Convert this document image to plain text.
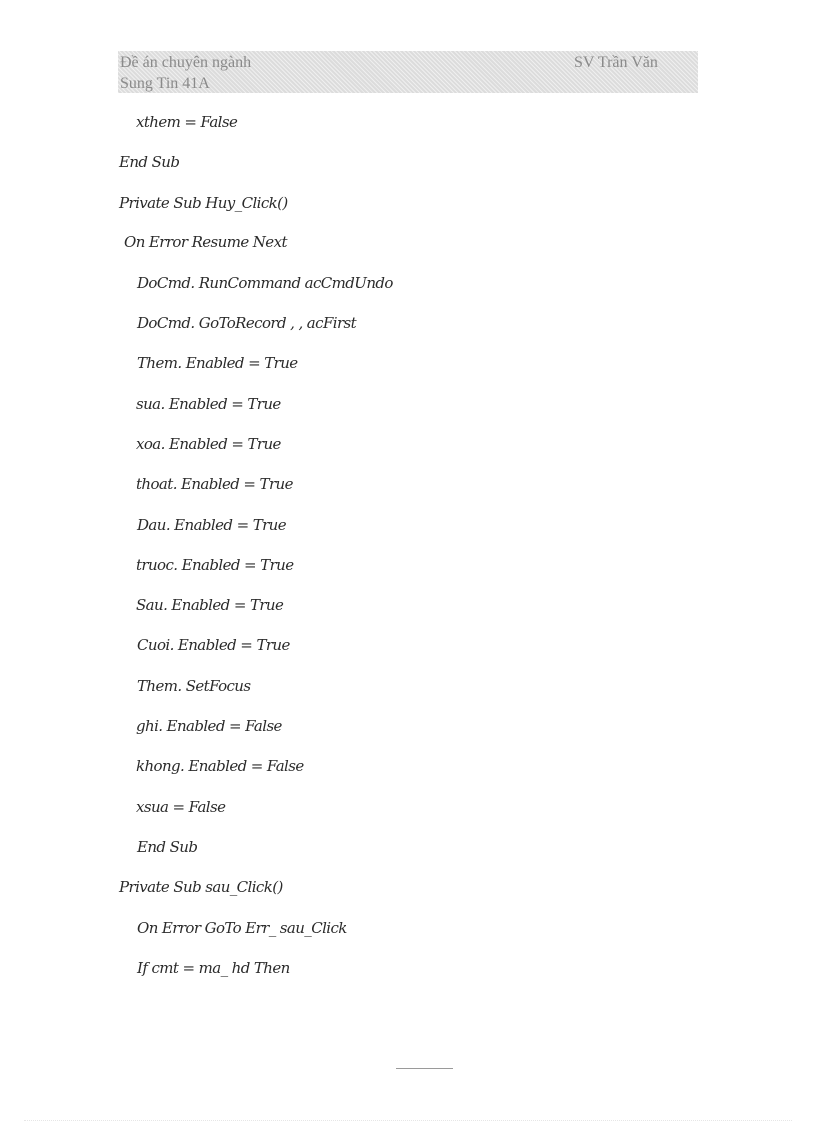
Đề án chuyên ngành	SV Trần Văn
Sung Tin 41A
xthem = False
End Sub
Private Sub Huy_Click()
On Error Resume Next
DoCmd. RunCommand acCmdUndo
DoCmd. GoToRecord , , acFirst
Them. Enabled = True
sua. Enabled = True
xoa. Enabled = True
thoat. Enabled = True
Dau. Enabled = True
truoc. Enabled = True
Sau. Enabled = True
Cuoi. Enabled = True
Them. SetFocus
ghi. Enabled = False
khong. Enabled = False
xsua = False
End Sub
Private Sub sau_Click()
On Error GoTo Err_ sau_Click
If cmt = ma_ hd Then
